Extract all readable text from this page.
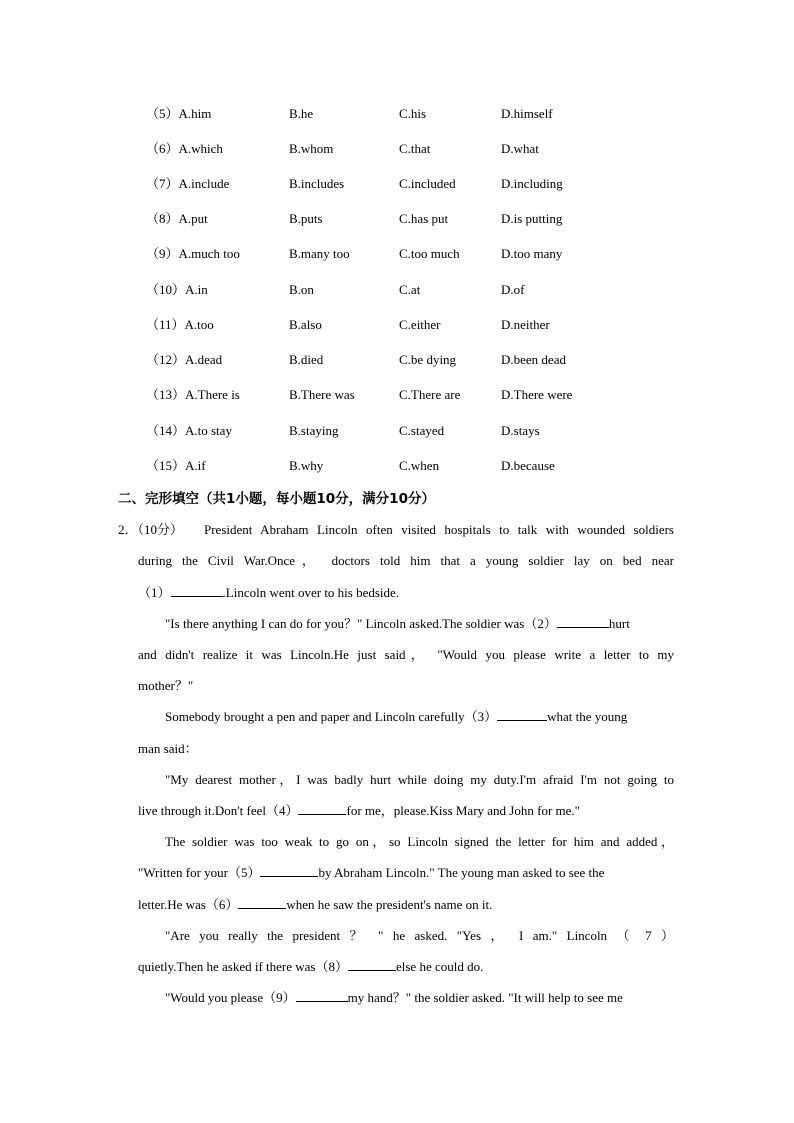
（5）A.him	B.he	C.his	D.himself
（6）A.which	B.whom	C.that	D.what
（7）A.include	B.includes	C.included	D.including
（8）A.put	B.puts	C.has put	D.is putting
（9）A.much too	B.many too	C.too much	D.too many
（10）A.in	B.on	C.at	D.of
（11）A.too	B.also	C.either	D.neither
（12）A.dead	B.died	C.be dying	D.been dead
（13）A.There is	B.There was	C.There are	D.There were
（14）A.to stay	B.staying	C.stayed	D.stays
（15）A.if	B.why	C.when	D.because
二、完形填空（共1小题，每小题10分，满分10分）
2．（10分） President Abraham Lincoln often visited hospitals to talk with wounded soldiers
during the Civil War.Once， doctors told him that a young soldier lay on bed near
（1）	.Lincoln went over to his bedside.
"Is there anything I can do for you？" Lincoln asked.The soldier was（2）	hurt
and didn't realize it was Lincoln.He just said， "Would you please write a letter to my
mother？"
Somebody brought a pen and paper and Lincoln carefully（3）	what the young
man said：
"My dearest mother，I was badly hurt while doing my duty.I'm afraid I'm not going to
live through it.Don't feel（4）	for me，please.Kiss Mary and John for me."
The soldier was too weak to go on，so Lincoln signed the letter for him and added，
"Written for your（5）	by Abraham Lincoln." The young man asked to see the
letter.He was（6）	when he saw the president's name on it.
"Are you really the president ？ " he asked. "Yes ， I am." Lincoln （ 7 ）
quietly.Then he asked if there was（8）	else he could do.
"Would you please（9）	my hand？" the soldier asked. "It will help to see me
